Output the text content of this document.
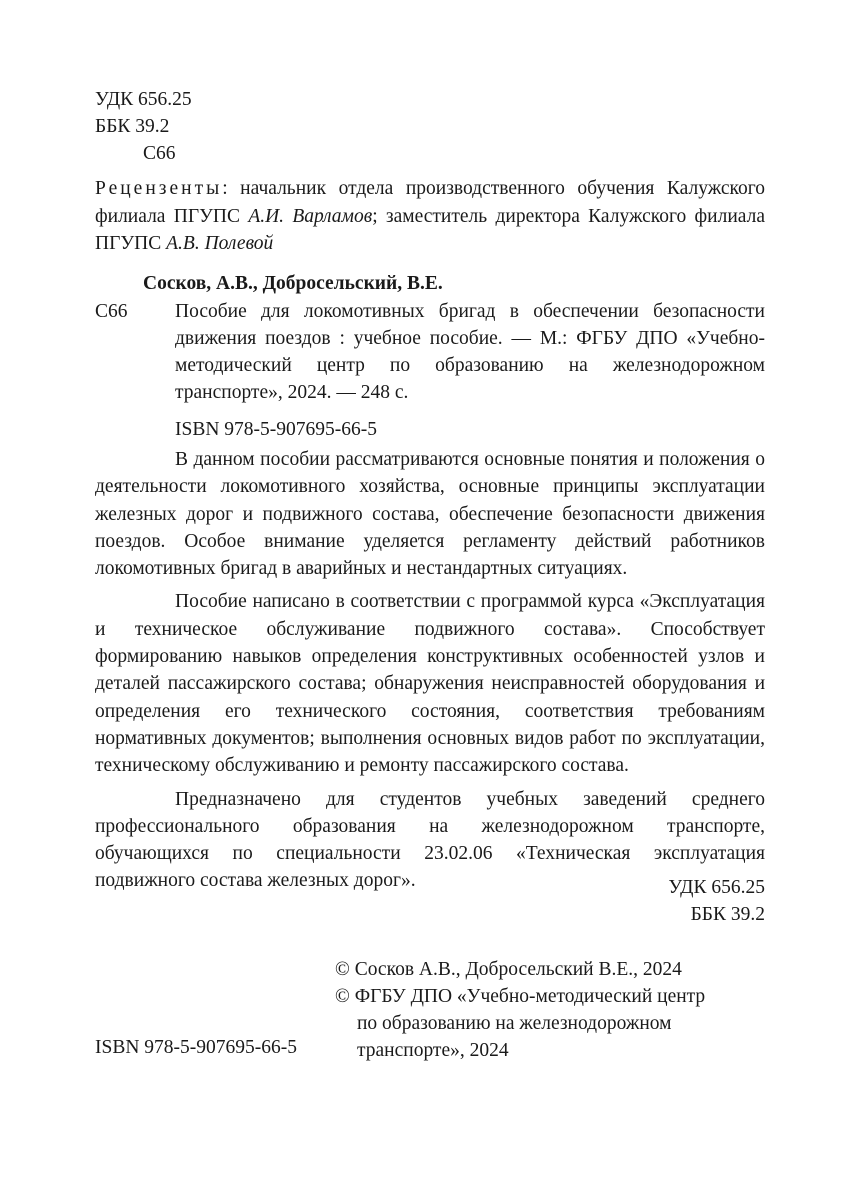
УДК 656.25
ББК 39.2
С66
Рецензенты: начальник отдела производственного обучения Калужского филиала ПГУПС А.И. Варламов; заместитель директора Калужского филиала ПГУПС А.В. Полевой
Сосков, А.В., Добросельский, В.Е.
С66 Пособие для локомотивных бригад в обеспечении безопасности движения поездов : учебное пособие. — М.: ФГБУ ДПО «Учебно-методический центр по образованию на железнодорожном транспорте», 2024. — 248 с.
ISBN 978-5-907695-66-5

В данном пособии рассматриваются основные понятия и положения о деятельности локомотивного хозяйства, основные принципы эксплуатации железных дорог и подвижного состава, обеспечение безопасности движения поездов. Особое внимание уделяется регламенту действий работников локомотивных бригад в аварийных и нестандартных ситуациях.

Пособие написано в соответствии с программой курса «Эксплуатация и техническое обслуживание подвижного состава». Способствует формированию навыков определения конструктивных особенностей узлов и деталей пассажирского состава; обнаружения неисправностей оборудования и определения его технического состояния, соответствия требованиям нормативных документов; выполнения основных видов работ по эксплуатации, техническому обслуживанию и ремонту пассажирского состава.

Предназначено для студентов учебных заведений среднего профессионального образования на железнодорожном транспорте, обучающихся по специальности 23.02.06 «Техническая эксплуатация подвижного состава железных дорог».	УДК 656.25
ББК 39.2
© Сосков А.В., Добросельский В.Е., 2024
© ФГБУ ДПО «Учебно-методический центр
по образованию на железнодорожном
транспорте», 2024
ISBN 978-5-907695-66-5
